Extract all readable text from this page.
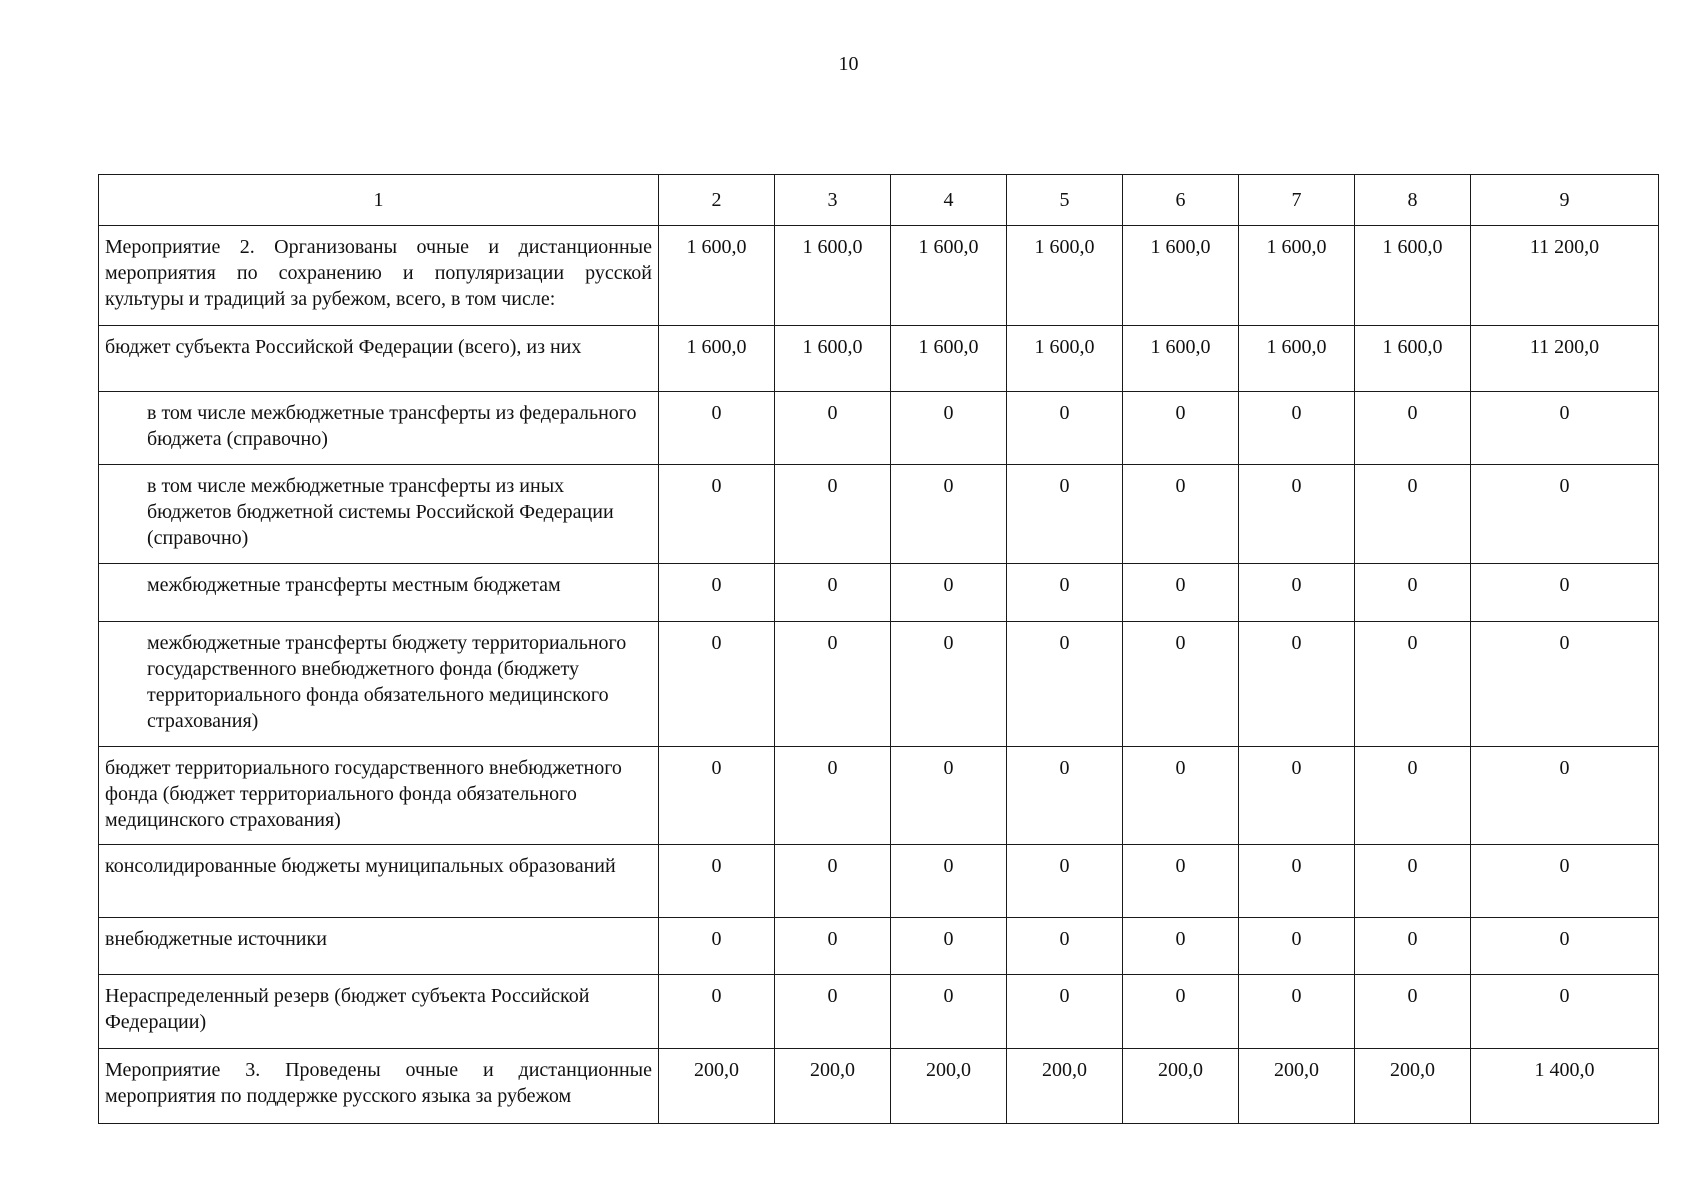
10
1	2	3	4	5	6	7	8	9
Мероприятие 2. Организованы очные и дистанционные мероприятия по сохранению и популяризации русской культуры и традиций за рубежом, всего, в том числе:	1 600,0	1 600,0	1 600,0	1 600,0	1 600,0	1 600,0	1 600,0	11 200,0
бюджет субъекта Российской Федерации (всего), из них	1 600,0	1 600,0	1 600,0	1 600,0	1 600,0	1 600,0	1 600,0	11 200,0
в том числе межбюджетные трансферты из федерального бюджета (справочно)	0	0	0	0	0	0	0	0
в том числе межбюджетные трансферты из иных бюджетов бюджетной системы Российской Федерации (справочно)	0	0	0	0	0	0	0	0
межбюджетные трансферты местным бюджетам	0	0	0	0	0	0	0	0
межбюджетные трансферты бюджету территориального государственного внебюджетного фонда (бюджету территориального фонда обязательного медицинского страхования)	0	0	0	0	0	0	0	0
бюджет территориального государственного внебюджетного фонда (бюджет территориального фонда обязательного медицинского страхования)	0	0	0	0	0	0	0	0
консолидированные бюджеты муниципальных образований	0	0	0	0	0	0	0	0
внебюджетные источники	0	0	0	0	0	0	0	0
Нераспределенный резерв (бюджет субъекта Российской Федерации)	0	0	0	0	0	0	0	0
Мероприятие 3. Проведены очные и дистанционные мероприятия по поддержке русского языка за рубежом	200,0	200,0	200,0	200,0	200,0	200,0	200,0	1 400,0
